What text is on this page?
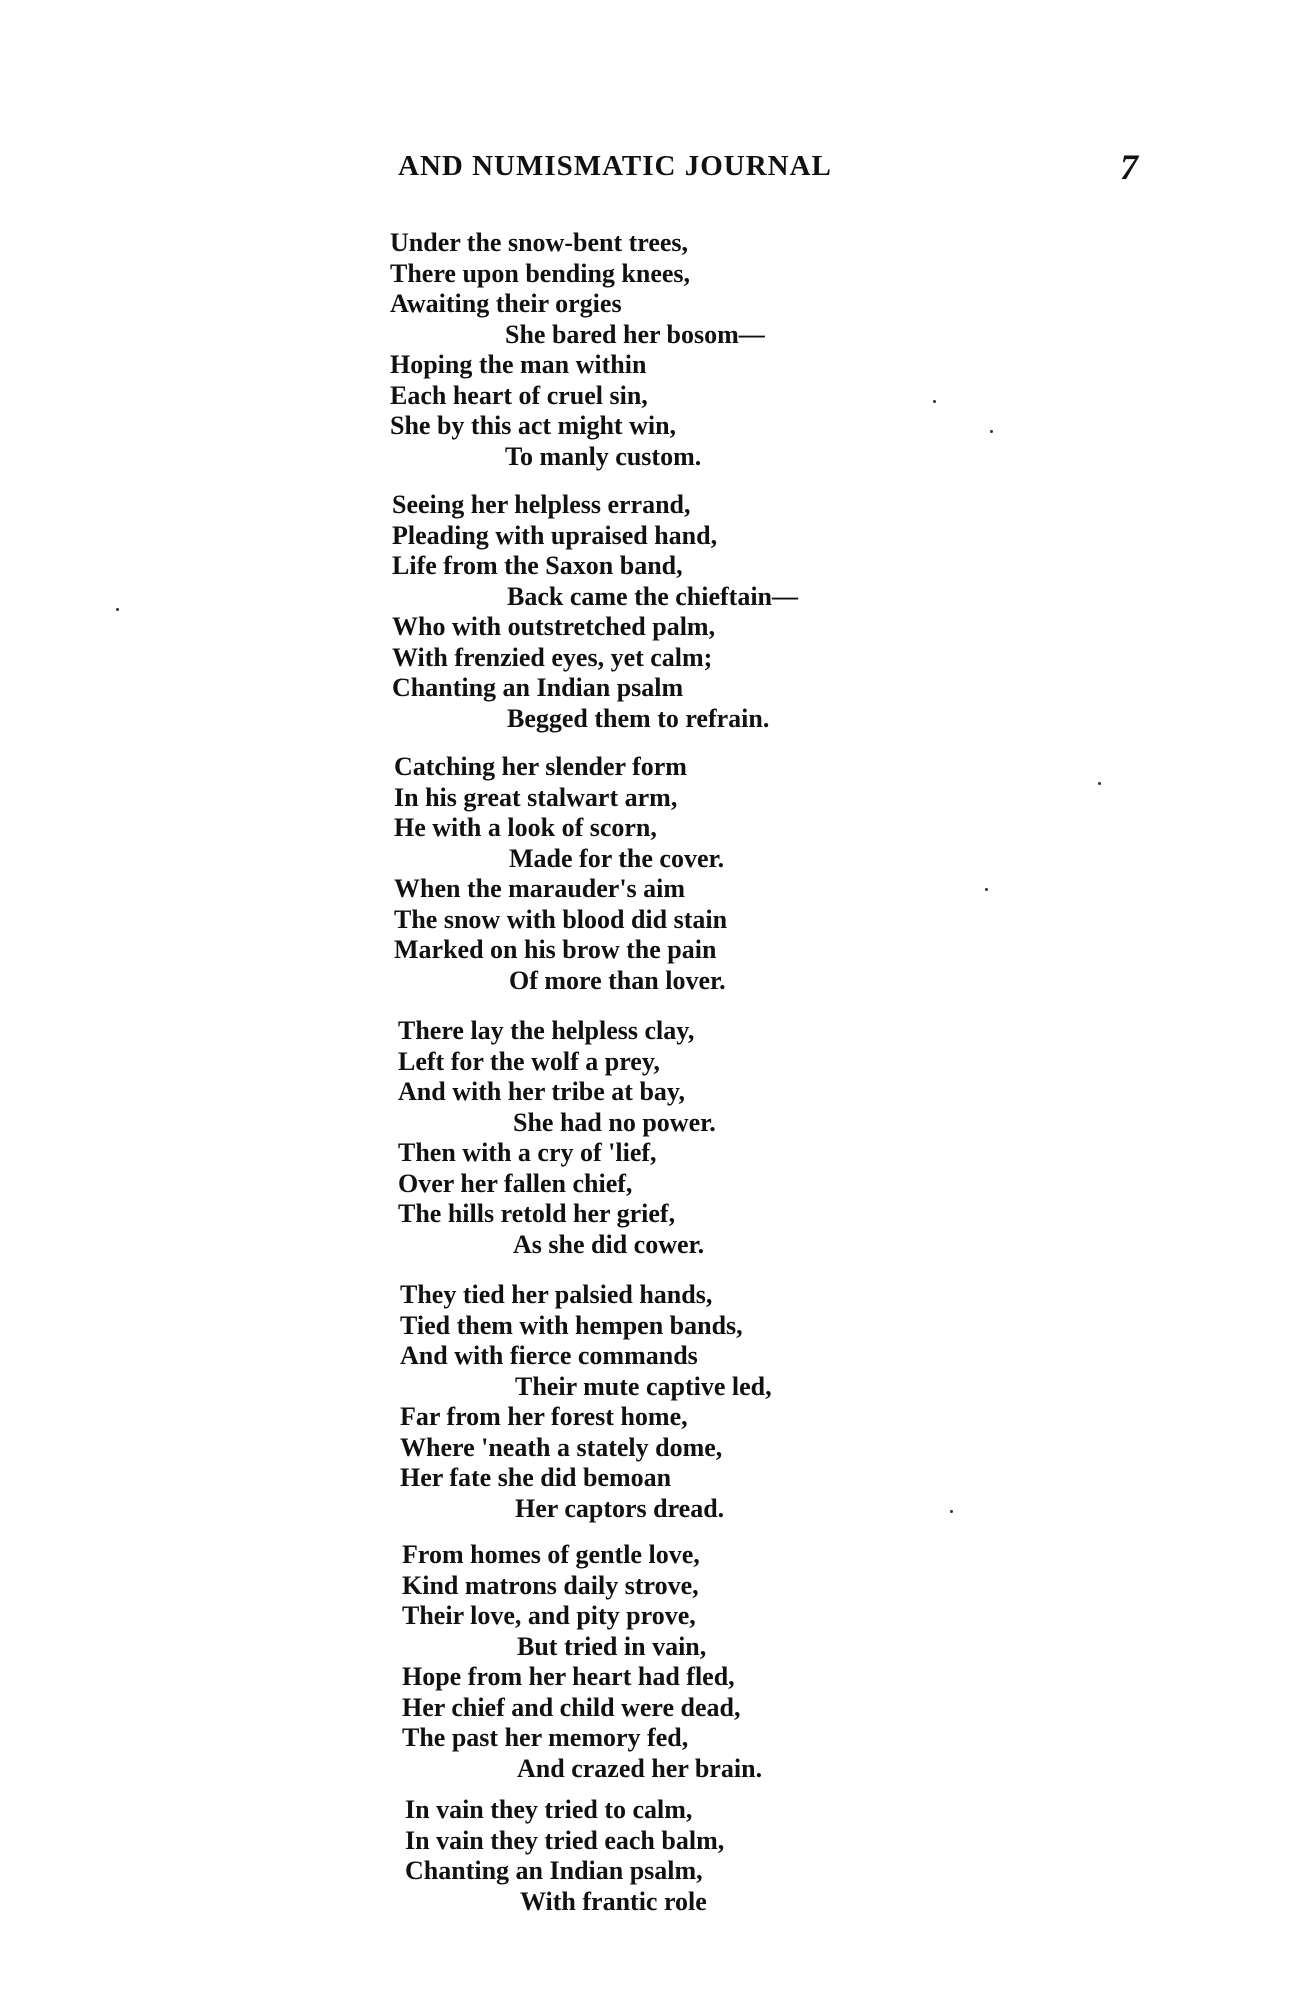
AND NUMISMATIC JOURNAL	7
Under the snow-bent trees,
There upon bending knees,
Awaiting their orgies
She bared her bosom—
Hoping the man within
Each heart of cruel sin,
She by this act might win,
To manly custom.
Seeing her helpless errand,
Pleading with upraised hand,
Life from the Saxon band,
Back came the chieftain—
Who with outstretched palm,
With frenzied eyes, yet calm;
Chanting an Indian psalm
Begged them to refrain.
Catching her slender form
In his great stalwart arm,
He with a look of scorn,
Made for the cover.
When the marauder's aim
The snow with blood did stain
Marked on his brow the pain
Of more than lover.
There lay the helpless clay,
Left for the wolf a prey,
And with her tribe at bay,
She had no power.
Then with a cry of 'lief,
Over her fallen chief,
The hills retold her grief,
As she did cower.
They tied her palsied hands,
Tied them with hempen bands,
And with fierce commands
Their mute captive led,
Far from her forest home,
Where 'neath a stately dome,
Her fate she did bemoan
Her captors dread.
From homes of gentle love,
Kind matrons daily strove,
Their love, and pity prove,
But tried in vain,
Hope from her heart had fled,
Her chief and child were dead,
The past her memory fed,
And crazed her brain.
In vain they tried to calm,
In vain they tried each balm,
Chanting an Indian psalm,
With frantic role
